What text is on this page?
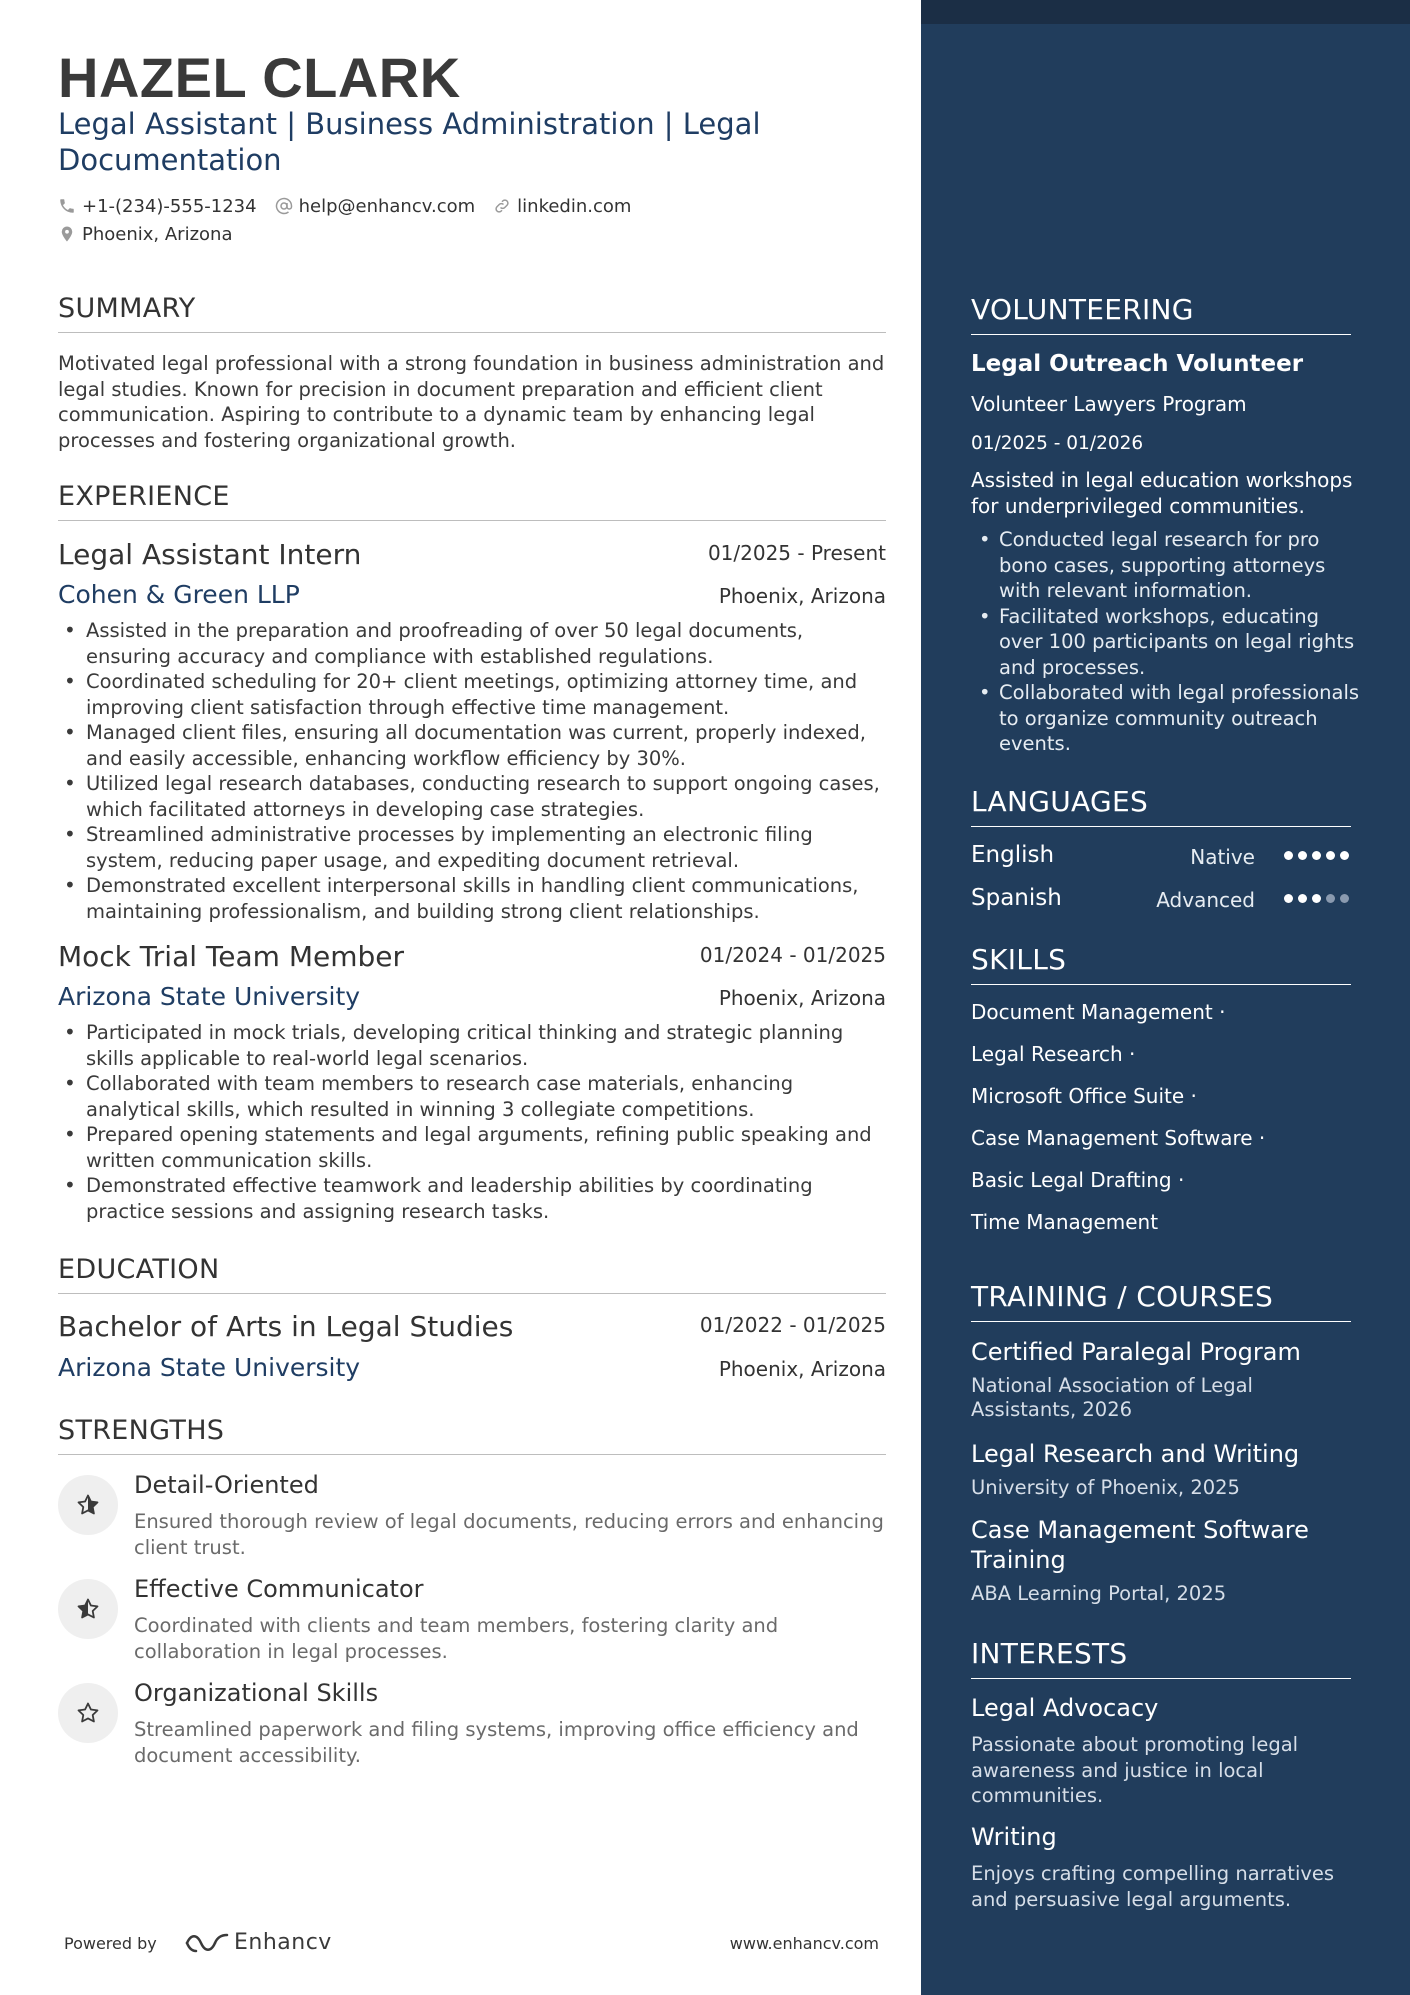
HAZEL CLARK
Legal Assistant | Business Administration | Legal Documentation
+1-(234)-555-1234 help@enhancv.com linkedin.com
Phoenix, Arizona
SUMMARY
Motivated legal professional with a strong foundation in business administration and legal studies. Known for precision in document preparation and efficient client communication. Aspiring to contribute to a dynamic team by enhancing legal processes and fostering organizational growth.
EXPERIENCE
Legal Assistant Intern	01/2025 - Present
Cohen & Green LLP	Phoenix, Arizona
• Assisted in the preparation and proofreading of over 50 legal documents, ensuring accuracy and compliance with established regulations.
• Coordinated scheduling for 20+ client meetings, optimizing attorney time, and improving client satisfaction through effective time management.
• Managed client files, ensuring all documentation was current, properly indexed, and easily accessible, enhancing workflow efficiency by 30%.
• Utilized legal research databases, conducting research to support ongoing cases, which facilitated attorneys in developing case strategies.
• Streamlined administrative processes by implementing an electronic filing system, reducing paper usage, and expediting document retrieval.
• Demonstrated excellent interpersonal skills in handling client communications, maintaining professionalism, and building strong client relationships.
Mock Trial Team Member	01/2024 - 01/2025
Arizona State University	Phoenix, Arizona
• Participated in mock trials, developing critical thinking and strategic planning skills applicable to real-world legal scenarios.
• Collaborated with team members to research case materials, enhancing analytical skills, which resulted in winning 3 collegiate competitions.
• Prepared opening statements and legal arguments, refining public speaking and written communication skills.
• Demonstrated effective teamwork and leadership abilities by coordinating practice sessions and assigning research tasks.
EDUCATION
Bachelor of Arts in Legal Studies	01/2022 - 01/2025
Arizona State University	Phoenix, Arizona
STRENGTHS
Detail-Oriented
Ensured thorough review of legal documents, reducing errors and enhancing client trust.
Effective Communicator
Coordinated with clients and team members, fostering clarity and collaboration in legal processes.
Organizational Skills
Streamlined paperwork and filing systems, improving office efficiency and document accessibility.
Powered by	Enhancv	www.enhancv.com
VOLUNTEERING
Legal Outreach Volunteer
Volunteer Lawyers Program
01/2025 - 01/2026
Assisted in legal education workshops for underprivileged communities.
• Conducted legal research for pro bono cases, supporting attorneys with relevant information.
• Facilitated workshops, educating over 100 participants on legal rights and processes.
• Collaborated with legal professionals to organize community outreach events.
LANGUAGES
English	Native
Spanish	Advanced
SKILLS
Document Management ·
Legal Research ·
Microsoft Office Suite ·
Case Management Software ·
Basic Legal Drafting ·
Time Management
TRAINING / COURSES
Certified Paralegal Program
National Association of Legal Assistants, 2026
Legal Research and Writing
University of Phoenix, 2025
Case Management Software Training
ABA Learning Portal, 2025
INTERESTS
Legal Advocacy
Passionate about promoting legal awareness and justice in local communities.
Writing
Enjoys crafting compelling narratives and persuasive legal arguments.
